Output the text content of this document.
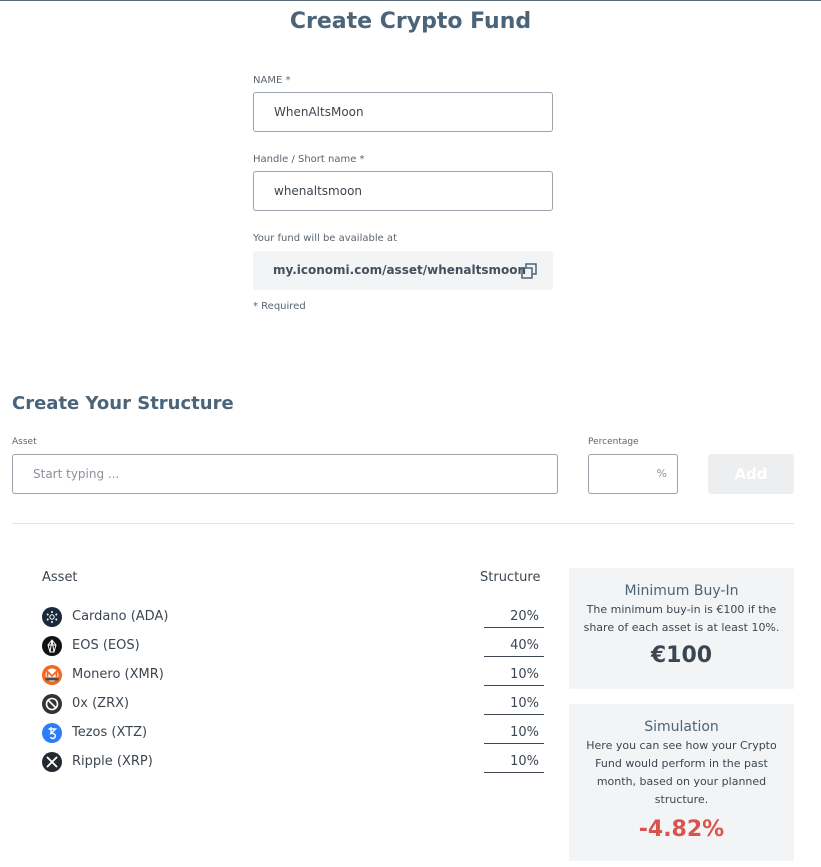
Create Crypto Fund
NAME *
WhenAltsMoon
Handle / Short name *
whenaltsmoon
Your fund will be available at
my.iconomi.com/asset/whenaltsmoon
* Required
Create Your Structure
Asset
Start typing ...
Percentage
%	Add
Asset	Structure
Cardano (ADA)	20%
EOS (EOS)	40%
Monero (XMR)	10%
0x (ZRX)	10%
Tezos (XTZ)	10%
Ripple (XRP)	10%
Minimum Buy-In
The minimum buy-in is €100 if the share of each asset is at least 10%.
€100
Simulation
Here you can see how your Crypto Fund would perform in the past month, based on your planned structure.
-4.82%
